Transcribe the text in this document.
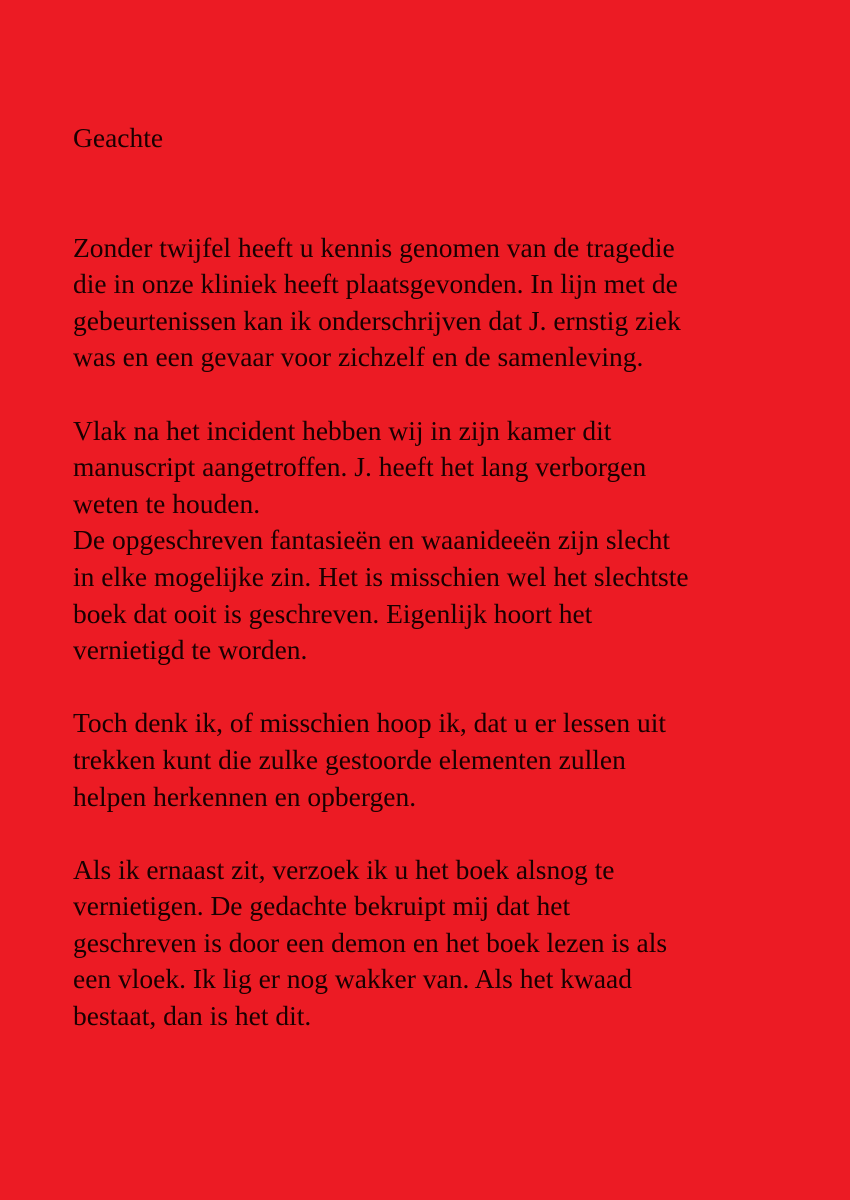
Geachte
Zonder twijfel heeft u kennis genomen van de tragedie
die in onze kliniek heeft plaatsgevonden. In lijn met de
gebeurtenissen kan ik onderschrijven dat J. ernstig ziek
was en een gevaar voor zichzelf en de samenleving.
Vlak na het incident hebben wij in zijn kamer dit
manuscript aangetroffen. J. heeft het lang verborgen
weten te houden.
De opgeschreven fantasieën en waanideeën zijn slecht
in elke mogelijke zin. Het is misschien wel het slechtste
boek dat ooit is geschreven. Eigenlijk hoort het
vernietigd te worden.
Toch denk ik, of misschien hoop ik, dat u er lessen uit
trekken kunt die zulke gestoorde elementen zullen
helpen herkennen en opbergen.
Als ik ernaast zit, verzoek ik u het boek alsnog te
vernietigen. De gedachte bekruipt mij dat het
geschreven is door een demon en het boek lezen is als
een vloek. Ik lig er nog wakker van. Als het kwaad
bestaat, dan is het dit.
